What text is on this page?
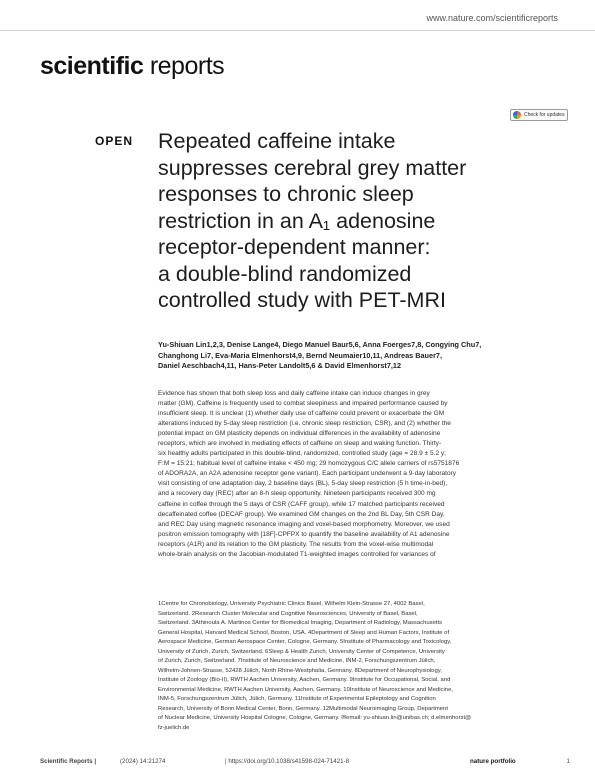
www.nature.com/scientificreports
scientific reports
Check for updates
OPEN Repeated caffeine intake
suppresses cerebral grey matter
responses to chronic sleep
restriction in an A₁ adenosine
receptor-dependent manner:
a double-blind randomized
controlled study with PET-MRI
Yu-Shiuan Lin1,2,3, Denise Lange4, Diego Manuel Baur5,6, Anna Foerges7,8, Congying Chu7,
Changhong Li7, Eva-Maria Elmenhorst4,9, Bernd Neumaier10,11, Andreas Bauer7,
Daniel Aeschbach4,11, Hans-Peter Landolt5,6 & David Elmenhorst7,12
Evidence has shown that both sleep loss and daily caffeine intake can induce changes in grey
matter (GM). Caffeine is frequently used to combat sleepiness and impaired performance caused by
insufficient sleep. It is unclear (1) whether daily use of caffeine could prevent or exacerbate the GM
alterations induced by 5-day sleep restriction (i.e. chronic sleep restriction, CSR), and (2) whether the
potential impact on GM plasticity depends on individual differences in the availability of adenosine
receptors, which are involved in mediating effects of caffeine on sleep and waking function. Thirty-
six healthy adults participated in this double-blind, randomized, controlled study (age = 28.9 ± 5.2 y;
F:M = 15:21; habitual level of caffeine intake < 450 mg; 29 homozygous C/C allele carriers of rs5751876
of ADORA2A, an A2A adenosine receptor gene variant). Each participant underwent a 9-day laboratory
visit consisting of one adaptation day, 2 baseline days (BL), 5-day sleep restriction (5 h time-in-bed),
and a recovery day (REC) after an 8-h sleep opportunity. Nineteen participants received 300 mg
caffeine in coffee through the 5 days of CSR (CAFF group), while 17 matched participants received
decaffeinated coffee (DECAF group). We examined GM changes on the 2nd BL Day, 5th CSR Day,
and REC Day using magnetic resonance imaging and voxel-based morphometry. Moreover, we used
positron emission tomography with [18F]-CPFPX to quantify the baseline availability of A1 adenosine
receptors (A1R) and its relation to the GM plasticity. The results from the voxel-wise multimodal
whole-brain analysis on the Jacobian-modulated T1-weighted images controlled for variances of
1Centre for Chronobiology, University Psychiatric Clinics Basel, Wilhelm Klein-Strasse 27, 4002 Basel,
Switzerland. 2Research Cluster Molecular and Cognitive Neurosciences, University of Basel, Basel,
Switzerland. 3Athinoula A. Martinos Center for Biomedical Imaging, Department of Radiology, Massachusetts
General Hospital, Harvard Medical School, Boston, USA. 4Department of Sleep and Human Factors, Institute of
Aerospace Medicine, German Aerospace Center, Cologne, Germany. 5Institute of Pharmacology and Toxicology,
University of Zurich, Zurich, Switzerland. 6Sleep & Health Zurich, University Center of Competence, University
of Zurich, Zurich, Switzerland. 7Institute of Neuroscience and Medicine, INM-2, Forschungszentrum Jülich,
Wilhelm-Johnen-Strasse, 52428 Jülich, North Rhine-Westphalia, Germany. 8Department of Neurophysiology,
Institute of Zoology (Bio-II), RWTH Aachen University, Aachen, Germany. 9Institute for Occupational, Social, and
Environmental Medicine, RWTH Aachen University, Aachen, Germany. 10Institute of Neuroscience and Medicine,
INM-5, Forschungszentrum Jülich, Jülich, Germany. 11Institute of Experimental Epileptology and Cognition
Research, University of Bonn Medical Center, Bonn, Germany. 12Multimodal Neuroimaging Group, Department
of Nuclear Medicine, University Hospital Cologne, Cologne, Germany. ✉email: yu-shiuan.lin@unibas.ch; d.elmenhorst@
fz-juelich.de
Scientific Reports |	(2024) 14:21274	| https://doi.org/10.1038/s41598-024-71421-8	nature portfolio	1
